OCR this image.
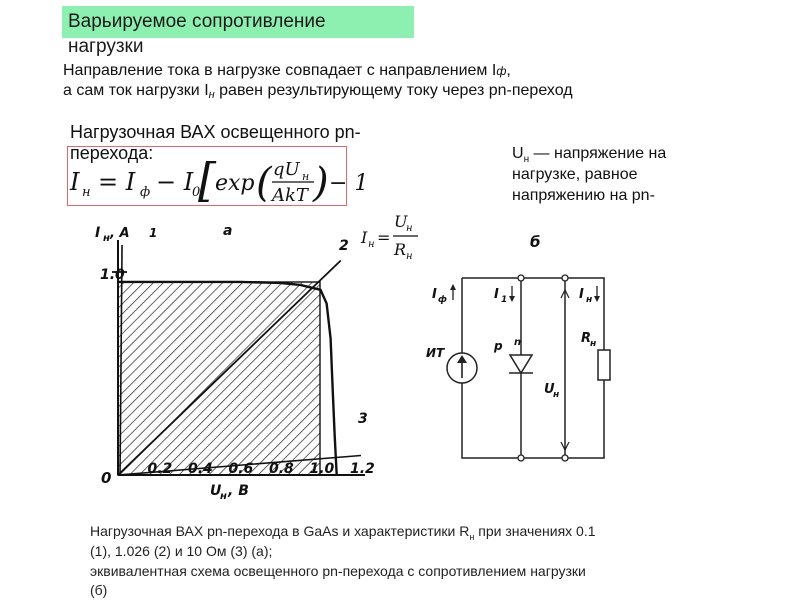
Варьируемое сопротивление
нагрузки
Направление тока в нагрузке совпадает с направлением Iф,
а сам ток нагрузки Iн равен результирующему току через pn-переход
Нагрузочная ВАХ освещенного pn-
перехода:	$U_н$ — напряжение на
нагрузке, равное
напряжению на pn-
I н = I ф − I
0
[ exp ( qU н
AkT ) − 1
1.0
0.2 0.4 0.6 0.8 1.0 1.2
0
I н , A
U
н , В
а
1
2
3
I н =
U
н
R н
б
I ф	I 1	I н
ИТ	p n
U
н
R
н
Нагрузочная ВАХ pn-перехода в GaAs и характеристики $R_н$ при значениях 0.1
(1), 1.026 (2) и 10 Ом (3) (а);
эквивалентная схема освещенного pn-перехода с сопротивлением нагрузки
(б)
